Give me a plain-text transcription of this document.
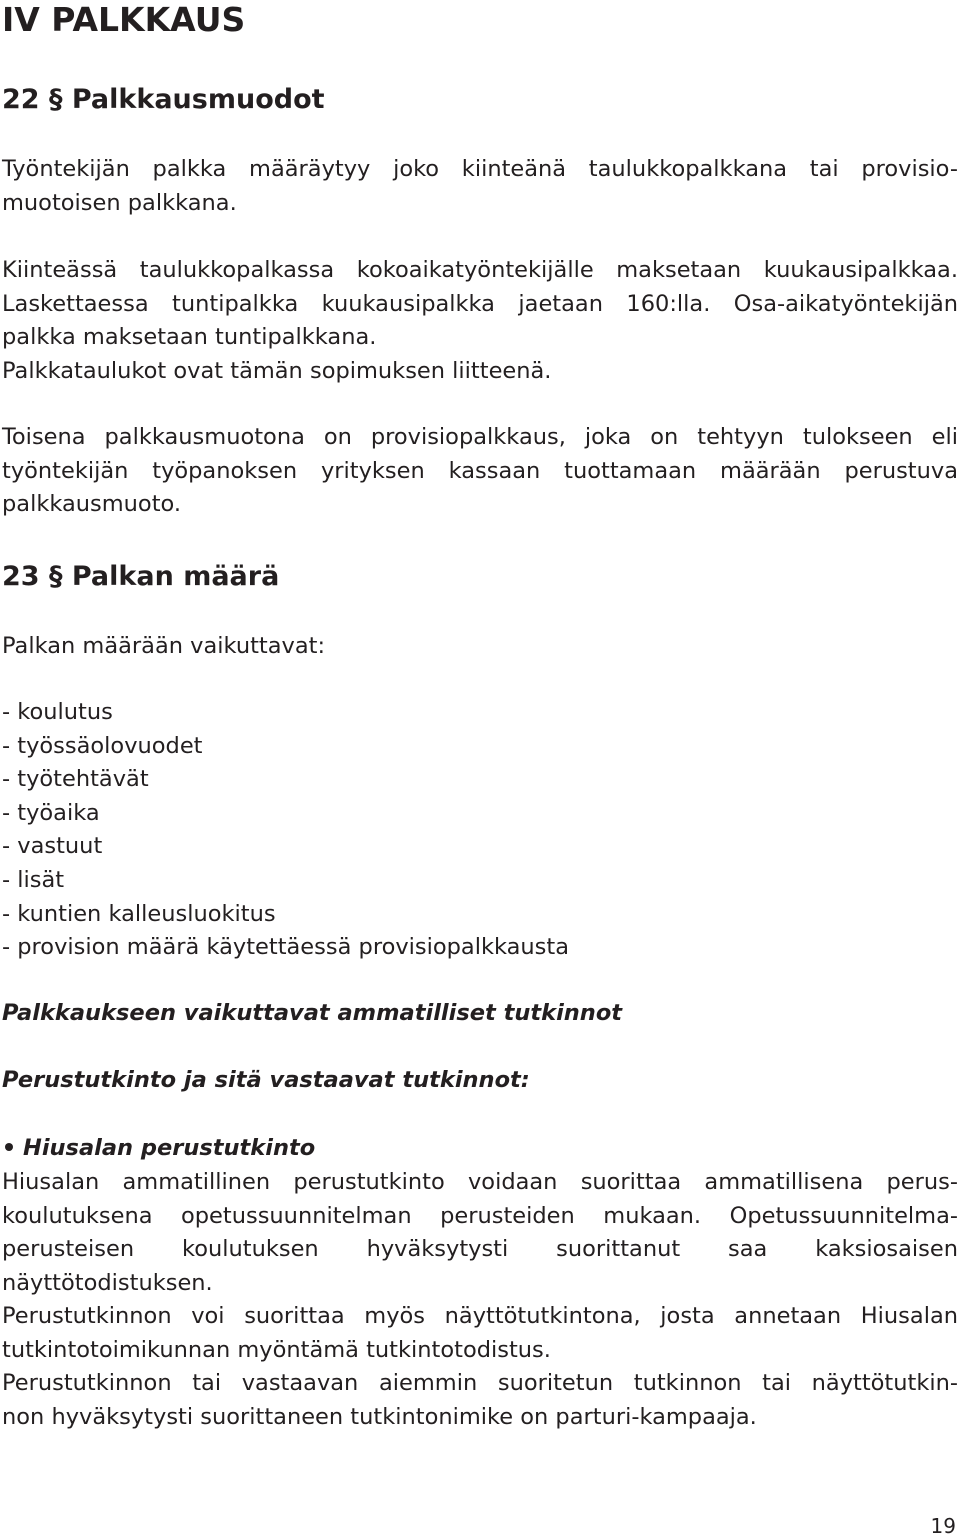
IV PALKKAUS
22 § Palkkausmuodot

Työntekijän palkka määräytyy joko kiinteänä taulukkopalkkana tai provisio-
muotoisen palkkana.

Kiinteässä taulukkopalkassa kokoaikatyöntekijälle maksetaan kuukausipalkkaa.
Laskettaessa tuntipalkka kuukausipalkka jaetaan 160:lla. Osa-aikatyöntekijän
palkka maksetaan tuntipalkkana.
Palkkataulukot ovat tämän sopimuksen liitteenä.

Toisena palkkausmuotona on provisiopalkkaus, joka on tehtyyn tulokseen eli
työntekijän työpanoksen yrityksen kassaan tuottamaan määrään perustuva
palkkausmuoto.

23 § Palkan määrä

Palkan määrään vaikuttavat:

- koulutus
- työssäolovuodet
- työtehtävät
- työaika
- vastuut
- lisät
- kuntien kalleusluokitus
- provision määrä käytettäessä provisiopalkkausta

Palkkaukseen vaikuttavat ammatilliset tutkinnot

Perustutkinto ja sitä vastaavat tutkinnot:

Hiusalan perustutkinto

Hiusalan ammatillinen perustutkinto voidaan suorittaa ammatillisena perus-
koulutuksena opetussuunnitelman perusteiden mukaan. Opetussuunnitelma-
perusteisen koulutuksen hyväksytysti suorittanut saa kaksiosaisen
näyttötodistuksen.
Perustutkinnon voi suorittaa myös näyttötutkintona, josta annetaan Hiusalan
tutkintotoimikunnan myöntämä tutkintotodistus.
Perustutkinnon tai vastaavan aiemmin suoritetun tutkinnon tai näyttötutkin-
non hyväksytysti suorittaneen tutkintonimike on parturi-kampaaja.

19
